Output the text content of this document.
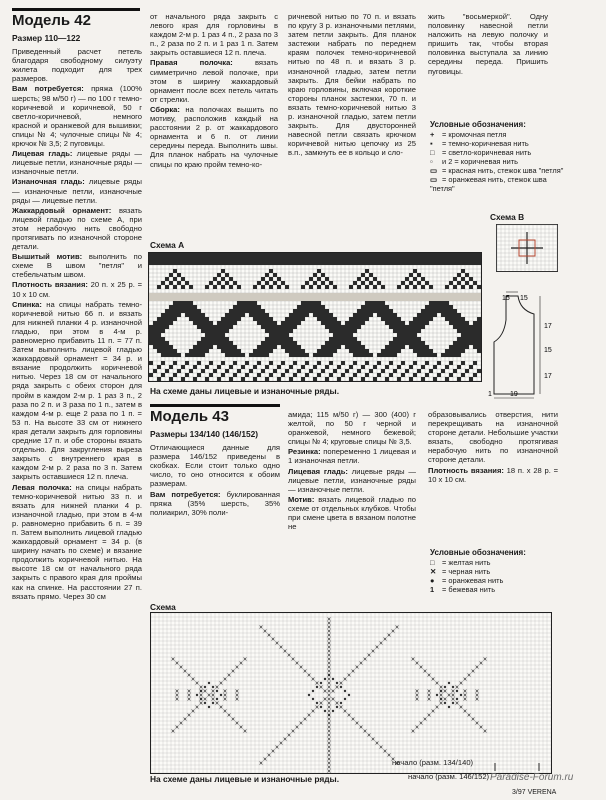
Модель 42
Размер 110—122

Приведенный расчет петель благодаря свободному силуэту жилета подходит для трех размеров.

Вам потребуется: пряжа (100% шерсть; 98 м/50 г) — по 100 г темно-коричневой и коричневой, 50 г светло-коричневой, немного красной и оранжевой для вышивки; спицы № 4; чулочные спицы № 4; крючок № 3,5; 2 пуговицы.

Лицевая гладь: лицевые ряды — лицевые петли, изнаночные ряды — изнаночные петли.

Изнаночная гладь: лицевые ряды — изнаночные петли, изнаночные ряды — лицевые петли.

Жаккардовый орнамент: вязать лицевой гладью по схеме А, при этом нерабочую нить свободно протягивать по изнаночной стороне детали.

Вышитый мотив: выполнить по схеме В швом "петля" и стебельчатым швом.

Плотность вязания: 20 п. х 25 р. = 10 х 10 см.

Спинка: на спицы набрать темно-коричневой нитью 66 п. и вязать для нижней планки 4 р. изнаночной гладью, при этом в 4-м р. равномерно прибавить 11 п. = 77 п. Затем выполнить лицевой гладью жаккардовый орнамент = 34 р. и вязание продолжить коричневой нитью. Через 18 см от начального ряда закрыть с обеих сторон для пройм в каждом 2-м р. 1 раз 3 п., 2 раза по 2 п. и 3 раза по 1 п., затем в каждом 4-м р. еще 2 раза по 1 п. = 53 п. На высоте 33 см от нижнего края детали закрыть для горловины средние 17 п. и обе стороны вязать отдельно. Для закругления выреза закрыть с внутреннего края в каждом 2-м р. 2 раза по 3 п. Затем закрыть оставшиеся 12 п. плеча.

Левая полочка: на спицы набрать темно-коричневой нитью 33 п. и вязать для нижней планки 4 р. изнаночной гладью, при этом в 4-м р. равномерно прибавить 6 п. = 39 п. Затем выполнить лицевой гладью жаккардовый орнамент = 34 р. (в ширину начать по схеме) и вязание продолжить коричневой нитью. На высоте 18 см от начального ряда закрыть с правого края для проймы как на спинке. На расстоянии 27 п. вязать прямо. Через 30 см

от начального ряда закрыть с левого края для горловины в каждом 2-м р. 1 раз 4 п., 2 раза по 3 п., 2 раза по 2 п. и 1 раз 1 п. Затем закрыть оставшиеся 12 п. плеча.

Правая полочка: вязать симметрично левой полочке, при этом в ширину жаккардовый орнамент после всех петель читать от стрелки.

Сборка: на полочках вышить по мотиву, расположив каждый на расстоянии 2 р. от жаккардового орнамента и 6 п. от линии середины переда. Выполнить швы. Для планок набрать на чулочные спицы по краю пройм темно-ко-

ричневой нитью по 70 п. и вязать по кругу 3 р. изнаночными петлями, затем петли закрыть. Для планок застежки набрать по переднем краям полочек темно-коричневой нитью по 48 п. и вязать 3 р. изнаночной гладью, затем петли закрыть. Для бейки набрать по краю горловины, включая короткие стороны планок застежки, 70 п. и вязать темно-коричневой нитью 3 р. изнаночной гладью, затем петли закрыть. Для двусторонней навесной петли связать крючком коричневой нитью цепочку из 25 в.п., замкнуть ее в кольцо и сло-

жить "восьмеркой". Одну половинку навесной петли наложить на левую полочку и пришить так, чтобы вторая половинка выступала за линию середины переда. Пришить пуговицы.

Условные обозначения:
+ = кромочная петля
▪ = темно-коричневая нить
□ = светло-коричневая нить
▫ и 2 = коричневая нить
▭ = красная нить, стежок шва "петля"
▭ = оранжевая нить, стежок шва "петля"
Схема В
15 15
17
15
17
19
1
Схема А
На схеме даны лицевые и изнаночные ряды.
Модель 43
Размеры 134/140 (146/152)

Отличающиеся данные для размера 146/152 приведены в скобках. Если стоит только одно число, то оно относится к обоим размерам.

Вам потребуется: буклированная пряжа (35% шерсть, 35% полиакрил, 30% поли-

амида; 115 м/50 г) — 300 (400) г желтой, по 50 г черной и оранжевой, немного бежевой; спицы № 4; круговые спицы № 3,5.

Резинка: попеременно 1 лицевая и 1 изнаночная петли.

Лицевая гладь: лицевые ряды — лицевые петли, изнаночные ряды — изнаночные петли.

Мотив: вязать лицевой гладью по схеме от отдельных клубков. Чтобы при смене цвета в вязаном полотне не

образовывались отверстия, нити перекрещивать на изнаночной стороне детали. Небольшие участки вязать, свободно протягивая нерабочую нить по изнаночной стороне детали.

Плотность вязания: 18 п. х 28 р. = 10 х 10 см.

Условные обозначения:
□ = желтая нить
✕ = черная нить
● = оранжевая нить
1 = бежевая нить
Схема
начало (разм. 134/140)
начало (разм. 146/152)
На схеме даны лицевые и изнаночные ряды.
3/97 VERENA
Paradise-Forum.ru
